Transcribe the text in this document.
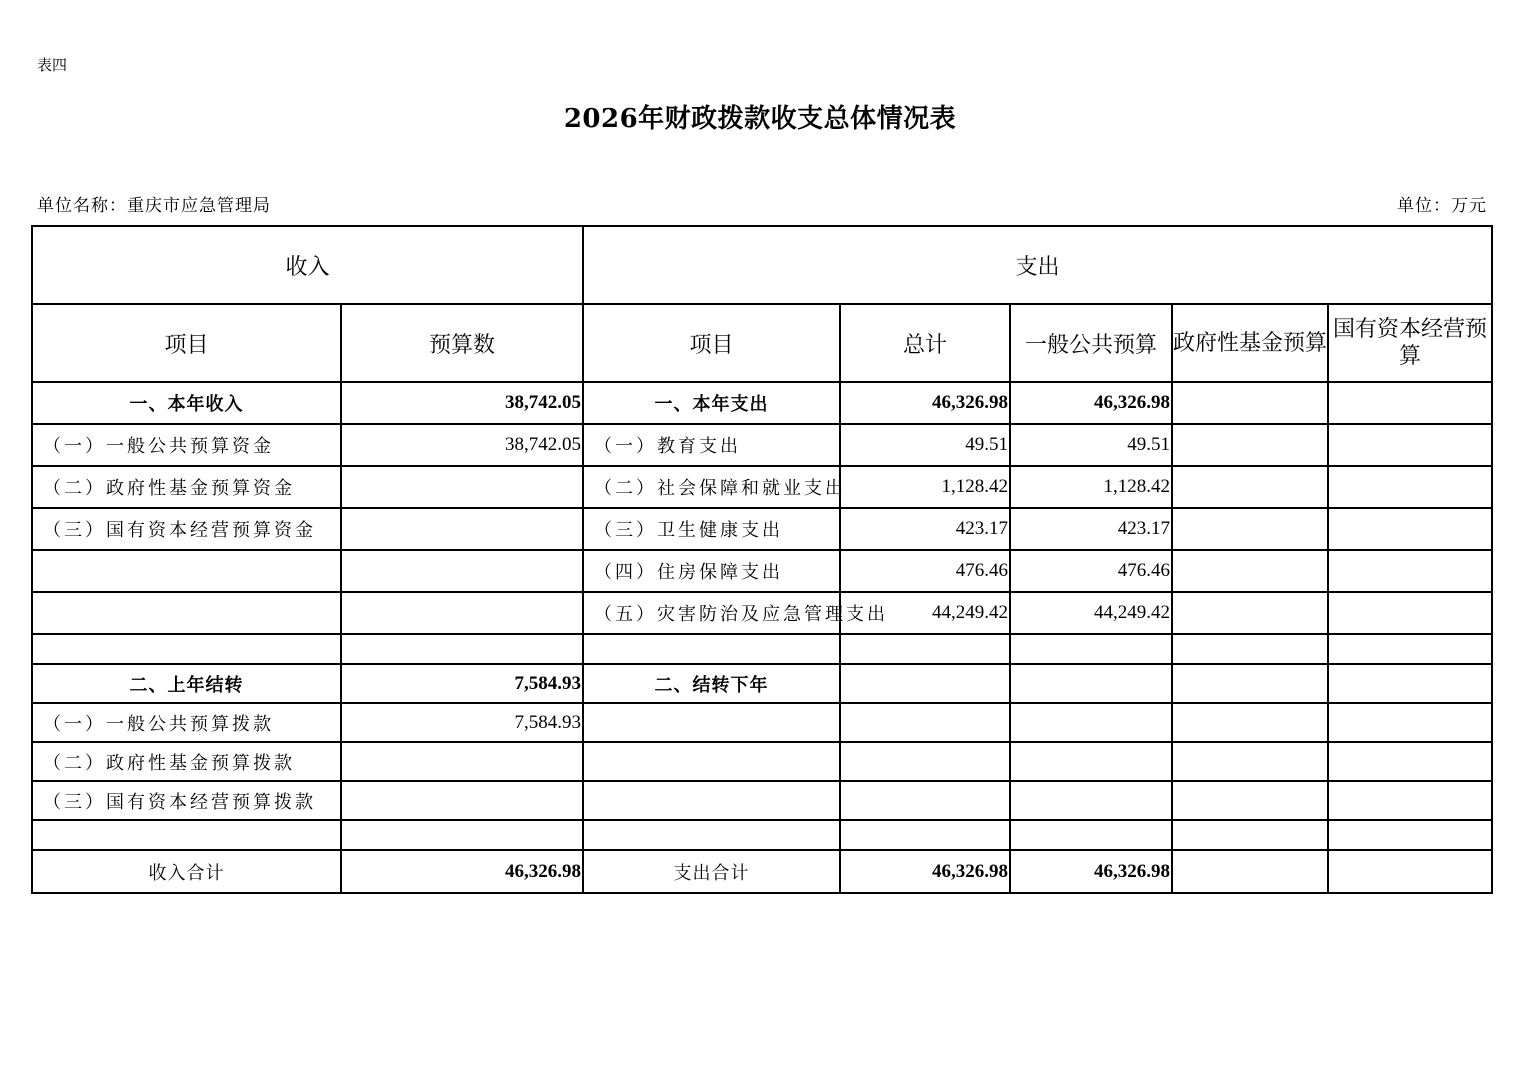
表四
2026年财政拨款收支总体情况表
单位名称：重庆市应急管理局	单位：万元
收入		支出				
项目	预算数	项目	总计	一般公共预算	政府性基金预算	国有资本经营预算
一、本年收入	38,742.05	一、本年支出	46,326.98	46,326.98		
（一）一般公共预算资金	38,742.05	（一）教育支出	49.51	49.51		
（二）政府性基金预算资金		（二）社会保障和就业支出	1,128.42	1,128.42		
（三）国有资本经营预算资金		（三）卫生健康支出	423.17	423.17		
		（四）住房保障支出	476.46	476.46		
		（五）灾害防治及应急管理支出	44,249.42	44,249.42		

二、上年结转	7,584.93	二、结转下年				
（一）一般公共预算拨款	7,584.93					
（二）政府性基金预算拨款						
（三）国有资本经营预算拨款						

收入合计	46,326.98	支出合计	46,326.98	46,326.98		
